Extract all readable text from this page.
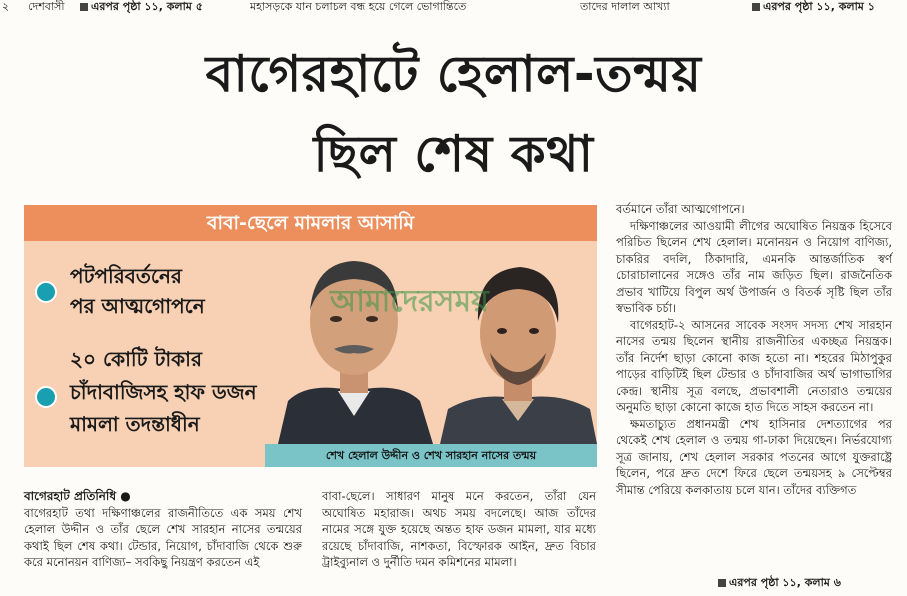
২ দেশবাসী	এরপর পৃষ্ঠা ১১, কলাম ৫	মহাসড়কে যান চলাচল বন্ধ হয়ে গেলে ভোগান্তিতে	তাদের দালাল আখ্যা	এরপর পৃষ্ঠা ১১, কলাম ১
বাগেরহাটে হেলাল-তন্ময়
ছিল শেষ কথা
বাবা-ছেলে মামলার আসামি
পটপরিবর্তনের
পর আত্মগোপনে
২০ কোটি টাকার
চাঁদাবাজিসহ হাফ ডজন
মামলা তদন্তাধীন
আমাদেরসময়
শেখ হেলাল উদ্দীন ও শেখ সারহান নাসের তন্ময়
বাগেরহাট প্রতিনিধি ●

বাগেরহাট তথা দক্ষিণাঞ্চলের রাজনীতিতে এক সময় শেখ হেলাল উদ্দীন ও তাঁর ছেলে শেখ সারহান নাসের তন্ময়ের কথাই ছিল শেষ কথা। টেন্ডার, নিয়োগ, চাঁদাবাজি থেকে শুরু করে মনোনয়ন বাণিজ্য– সবকিছু নিয়ন্ত্রণ করতেন এই

বাবা-ছেলে। সাধারণ মানুষ মনে করতেন, তাঁরা যেন অঘোষিত মহারাজ। অথচ সময় বদলেছে। আজ তাঁদের নামের সঙ্গে যুক্ত হয়েছে অন্তত হাফ ডজন মামলা, যার মধ্যে রয়েছে চাঁদাবাজি, নাশকতা, বিস্ফোরক আইন, দ্রুত বিচার ট্রাইব্যুনাল ও দুর্নীতি দমন কমিশনের মামলা।

বর্তমানে তাঁরা আত্মগোপনে।

দক্ষিণাঞ্চলের আওয়ামী লীগের অঘোষিত নিয়ন্ত্রক হিসেবে পরিচিত ছিলেন শেখ হেলাল। মনোনয়ন ও নিয়োগ বাণিজ্য, চাকরির বদলি, ঠিকাদারি, এমনকি আন্তর্জাতিক স্বর্ণ চোরাচালানের সঙ্গেও তাঁর নাম জড়িত ছিল। রাজনৈতিক প্রভাব খাটিয়ে বিপুল অর্থ উপার্জন ও বিতর্ক সৃষ্টি ছিল তাঁর স্বভাবিক চর্চা।

বাগেরহাট-২ আসনের সাবেক সংসদ সদস্য শেখ সারহান নাসের তন্ময় ছিলেন স্থানীয় রাজনীতির একচ্ছত্র নিয়ন্ত্রক। তাঁর নির্দেশ ছাড়া কোনো কাজ হতো না। শহরের মিঠাপুকুর পাড়ের বাড়িটিই ছিল টেন্ডার ও চাঁদাবাজির অর্থ ভাগাভাগির কেন্দ্র। স্থানীয় সূত্র বলছে, প্রভাবশালী নেতারাও তন্ময়ের অনুমতি ছাড়া কোনো কাজে হাত দিতে সাহস করতেন না।

ক্ষমতাচ্যুত প্রধানমন্ত্রী শেখ হাসিনার দেশত্যাগের পর থেকেই শেখ হেলাল ও তন্ময় গা-ঢাকা দিয়েছেন। নির্ভরযোগ্য সূত্র জানায়, শেখ হেলাল সরকার পতনের আগে যুক্তরাষ্ট্রে ছিলেন, পরে দ্রুত দেশে ফিরে ছেলে তন্ময়সহ ৯ সেপ্টেম্বর সীমান্ত পেরিয়ে কলকাতায় চলে যান। তাঁদের ব্যক্তিগত

এরপর পৃষ্ঠা ১১, কলাম ৬
